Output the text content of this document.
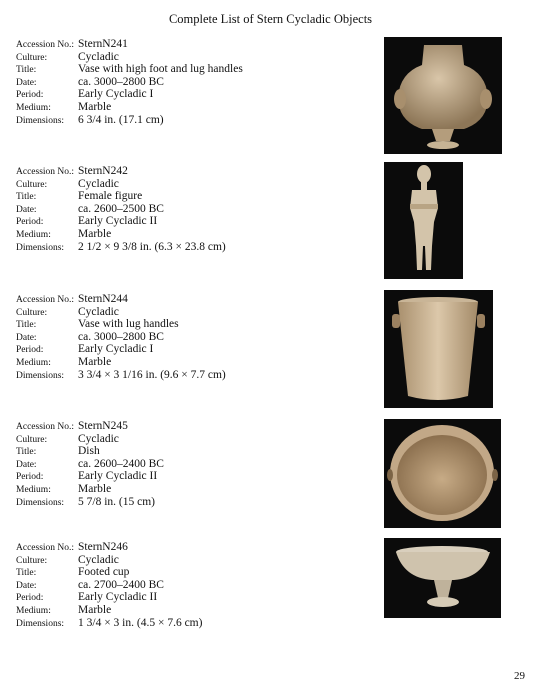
Complete List of Stern Cycladic Objects
Accession No.: SternN241
Culture:	Cycladic
Title:	Vase with high foot and lug handles
Date:	ca. 3000–2800 BC
Period:	Early Cycladic I
Medium:	Marble
Dimensions:	6 3/4 in. (17.1 cm)
Accession No.: SternN242
Culture:	Cycladic
Title:	Female figure
Date:	ca. 2600–2500 BC
Period:	Early Cycladic II
Medium:	Marble
Dimensions:	2 1/2 × 9 3/8 in. (6.3 × 23.8 cm)
Accession No.: SternN244
Culture:	Cycladic
Title:	Vase with lug handles
Date:	ca. 3000–2800 BC
Period:	Early Cycladic I
Medium:	Marble
Dimensions:	3 3/4 × 3 1/16 in. (9.6 × 7.7 cm)
Accession No.: SternN245
Culture:	Cycladic
Title:	Dish
Date:	ca. 2600–2400 BC
Period:	Early Cycladic II
Medium:	Marble
Dimensions:	5 7/8 in. (15 cm)
Accession No.: SternN246
Culture:	Cycladic
Title:	Footed cup
Date:	ca. 2700–2400 BC
Period:	Early Cycladic II
Medium:	Marble
Dimensions:	1 3/4 × 3 in. (4.5 × 7.6 cm)
29
